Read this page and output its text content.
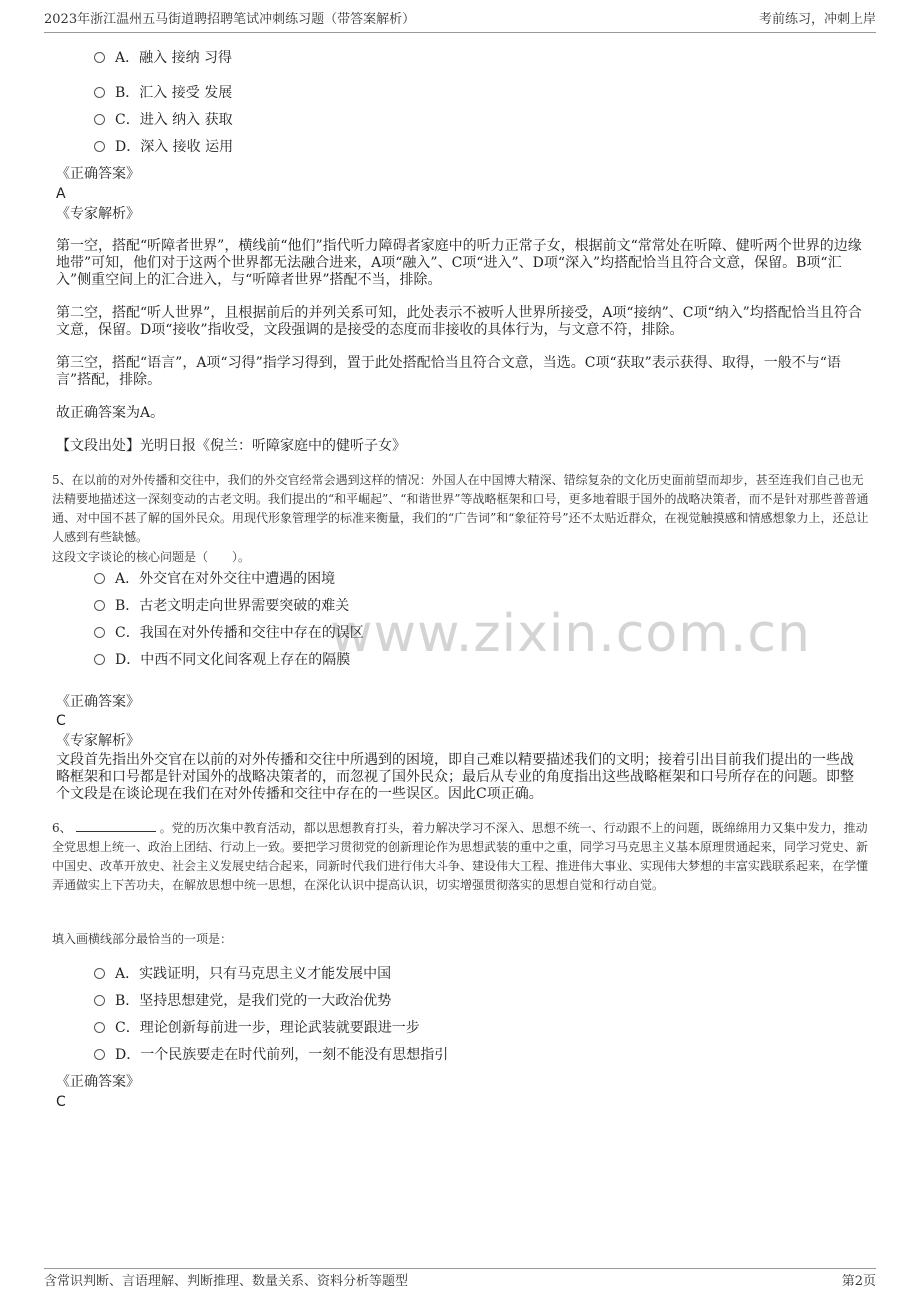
2023年浙江温州五马街道聘招聘笔试冲刺练习题（带答案解析）	考前练习，冲刺上岸
www.zixin.com.cn
A．融入 接纳 习得
B．汇入 接受 发展
C．进入 纳入 获取
D．深入 接收 运用
《正确答案》
A
《专家解析》

第一空，搭配“听障者世界”，横线前“他们”指代听力障碍者家庭中的听力正常子女，根据前文“常常处在听障、健听两个世界的边缘地带”可知，他们对于这两个世界都无法融合进来，A项“融入”、C项“进入”、D项“深入”均搭配恰当且符合文意，保留。B项“汇入”侧重空间上的汇合进入，与“听障者世界”搭配不当，排除。

第二空，搭配“听人世界”，且根据前后的并列关系可知，此处表示不被听人世界所接受，A项“接纳”、C项“纳入”均搭配恰当且符合文意，保留。D项“接收”指收受，文段强调的是接受的态度而非接收的具体行为，与文意不符，排除。

第三空，搭配“语言”，A项“习得”指学习得到，置于此处搭配恰当且符合文意，当选。C项“获取”表示获得、取得，一般不与“语言”搭配，排除。

故正确答案为A。

【文段出处】光明日报《倪兰：听障家庭中的健听子女》

5、在以前的对外传播和交往中，我们的外交官经常会遇到这样的情况：外国人在中国博大精深、错综复杂的文化历史面前望而却步，甚至连我们自己也无法精要地描述这一深刻变动的古老文明。我们提出的“和平崛起”、“和谐世界”等战略框架和口号，更多地着眼于国外的战略决策者，而不是针对那些普普通通、对中国不甚了解的国外民众。用现代形象管理学的标准来衡量，我们的“广告词”和“象征符号”还不太贴近群众，在视觉触摸感和情感想象力上，还总让人感到有些缺憾。

这段文字谈论的核心问题是（　　）。

A．外交官在对外交往中遭遇的困境
B．古老文明走向世界需要突破的难关
C．我国在对外传播和交往中存在的误区
D．中西不同文化间客观上存在的隔膜
《正确答案》
C
《专家解析》

文段首先指出外交官在以前的对外传播和交往中所遇到的困境，即自己难以精要描述我们的文明；接着引出目前我们提出的一些战略框架和口号都是针对国外的战略决策者的，而忽视了国外民众；最后从专业的角度指出这些战略框架和口号所存在的问题。即整个文段是在谈论现在我们在对外传播和交往中存在的一些误区。因此C项正确。

6、	。党的历次集中教育活动，都以思想教育打头，着力解决学习不深入、思想不统一、行动跟不上的问题，既绵绵用力又集中发力，推动全党思想上统一、政治上团结、行动上一致。要把学习贯彻党的创新理论作为思想武装的重中之重，同学习马克思主义基本原理贯通起来，同学习党史、新中国史、改革开放史、社会主义发展史结合起来，同新时代我们进行伟大斗争、建设伟大工程、推进伟大事业、实现伟大梦想的丰富实践联系起来，在学懂弄通做实上下苦功夫，在解放思想中统一思想，在深化认识中提高认识，切实增强贯彻落实的思想自觉和行动自觉。

填入画横线部分最恰当的一项是：

A．实践证明，只有马克思主义才能发展中国
B．坚持思想建党，是我们党的一大政治优势
C．理论创新每前进一步，理论武装就要跟进一步
D．一个民族要走在时代前列，一刻不能没有思想指引
《正确答案》
C
含常识判断、言语理解、判断推理、数量关系、资料分析等题型	第2页
